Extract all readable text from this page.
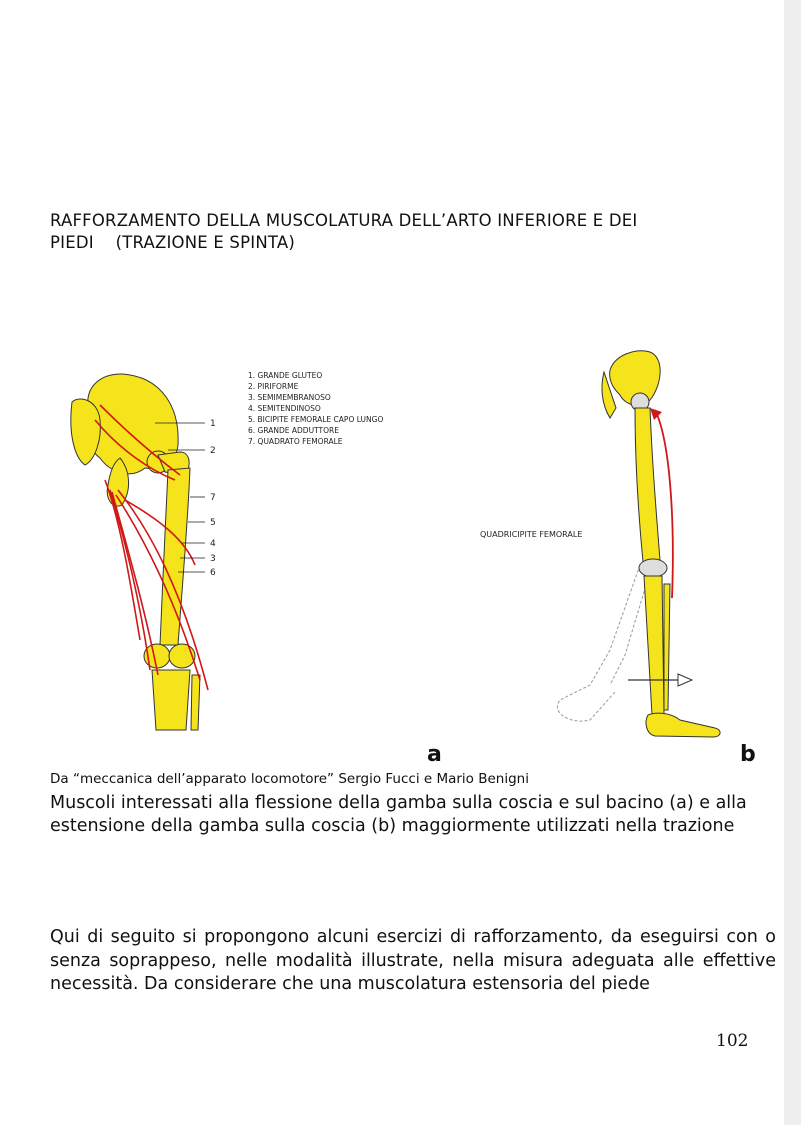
RAFFORZAMENTO DELLA MUSCOLATURA DELL’ARTO INFERIORE E DEI
PIEDI    (TRAZIONE E SPINTA)
1
2
7
5
4
3
6
1. GRANDE GLUTEO
2. PIRIFORME
3. SEMIMEMBRANOSO
4. SEMITENDINOSO
5. BICIPITE FEMORALE CAPO LUNGO
6. GRANDE ADDUTTORE
7. QUADRATO FEMORALE
QUADRICIPITE FEMORALE
a	b
Da “meccanica dell’apparato locomotore” Sergio Fucci e Mario Benigni
Muscoli interessati alla flessione della gamba sulla coscia e sul bacino (a) e alla estensione della gamba sulla coscia (b) maggiormente utilizzati nella trazione
Qui di seguito si propongono alcuni esercizi di rafforzamento, da eseguirsi con o senza soprappeso, nelle modalità illustrate, nella misura adeguata alle effettive necessità. Da considerare che una muscolatura estensoria del piede
102
